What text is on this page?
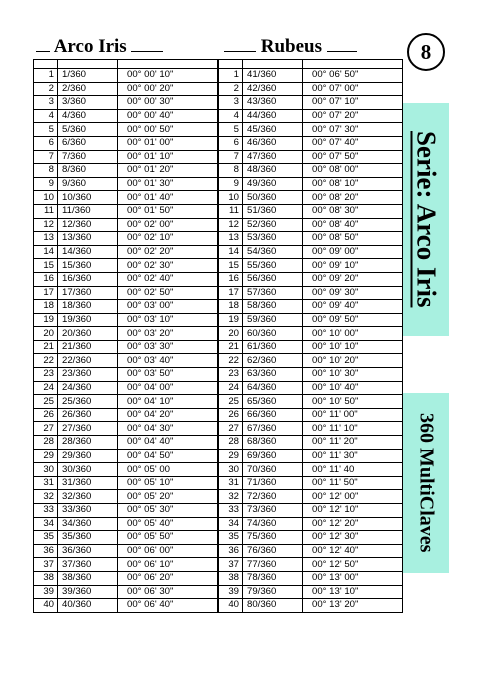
Arco Iris	Rubeus	8

1	1/360	00° 00' 10"
2	2/360	00° 00' 20"
3	3/360	00° 00' 30"
4	4/360	00° 00' 40"
5	5/360	00° 00' 50"
6	6/360	00° 01' 00"
7	7/360	00° 01' 10"
8	8/360	00° 01' 20"
9	9/360	00° 01' 30"
10	10/360	00° 01' 40"
11	11/360	00° 01' 50"
12	12/360	00° 02' 00"
13	13/360	00° 02' 10"
14	14/360	00° 02' 20"
15	15/360	00° 02' 30"
16	16/360	00° 02' 40"
17	17/360	00° 02' 50"
18	18/360	00° 03' 00"
19	19/360	00° 03' 10"
20	20/360	00° 03' 20"
21	21/360	00° 03' 30"
22	22/360	00° 03' 40"
23	23/360	00° 03' 50"
24	24/360	00° 04' 00"
25	25/360	00° 04' 10"
26	26/360	00° 04' 20"
27	27/360	00° 04' 30"
28	28/360	00° 04' 40"
29	29/360	00° 04' 50"
30	30/360	00° 05' 00
31	31/360	00° 05' 10"
32	32/360	00° 05' 20"
33	33/360	00° 05' 30"
34	34/360	00° 05' 40"
35	35/360	00° 05' 50"
36	36/360	00° 06' 00"
37	37/360	00° 06' 10"
38	38/360	00° 06' 20"
39	39/360	00° 06' 30"
40	40/360	00° 06' 40"

1	41/360	00° 06' 50"
2	42/360	00° 07' 00"
3	43/360	00° 07' 10"
4	44/360	00° 07' 20"
5	45/360	00° 07' 30"
6	46/360	00° 07' 40"
7	47/360	00° 07' 50"
8	48/360	00° 08' 00"
9	49/360	00° 08' 10"
10	50/360	00° 08' 20"
11	51/360	00° 08' 30"
12	52/360	00° 08' 40"
13	53/360	00° 08' 50"
14	54/360	00° 09' 00"
15	55/360	00° 09' 10"
16	56/360	00° 09' 20"
17	57/360	00° 09' 30"
18	58/360	00° 09' 40"
19	59/360	00° 09' 50"
20	60/360	00° 10' 00"
21	61/360	00° 10' 10"
22	62/360	00° 10' 20"
23	63/360	00° 10' 30"
24	64/360	00° 10' 40"
25	65/360	00° 10' 50"
26	66/360	00° 11' 00"
27	67/360	00° 11' 10"
28	68/360	00° 11' 20"
29	69/360	00° 11' 30"
30	70/360	00° 11' 40
31	71/360	00° 11' 50"
32	72/360	00° 12' 00"
33	73/360	00° 12' 10"
34	74/360	00° 12' 20"
35	75/360	00° 12' 30"
36	76/360	00° 12' 40"
37	77/360	00° 12' 50"
38	78/360	00° 13' 00"
39	79/360	00° 13' 10"
40	80/360	00° 13' 20"
Serie: Arco Iris
360 MultiClaves
